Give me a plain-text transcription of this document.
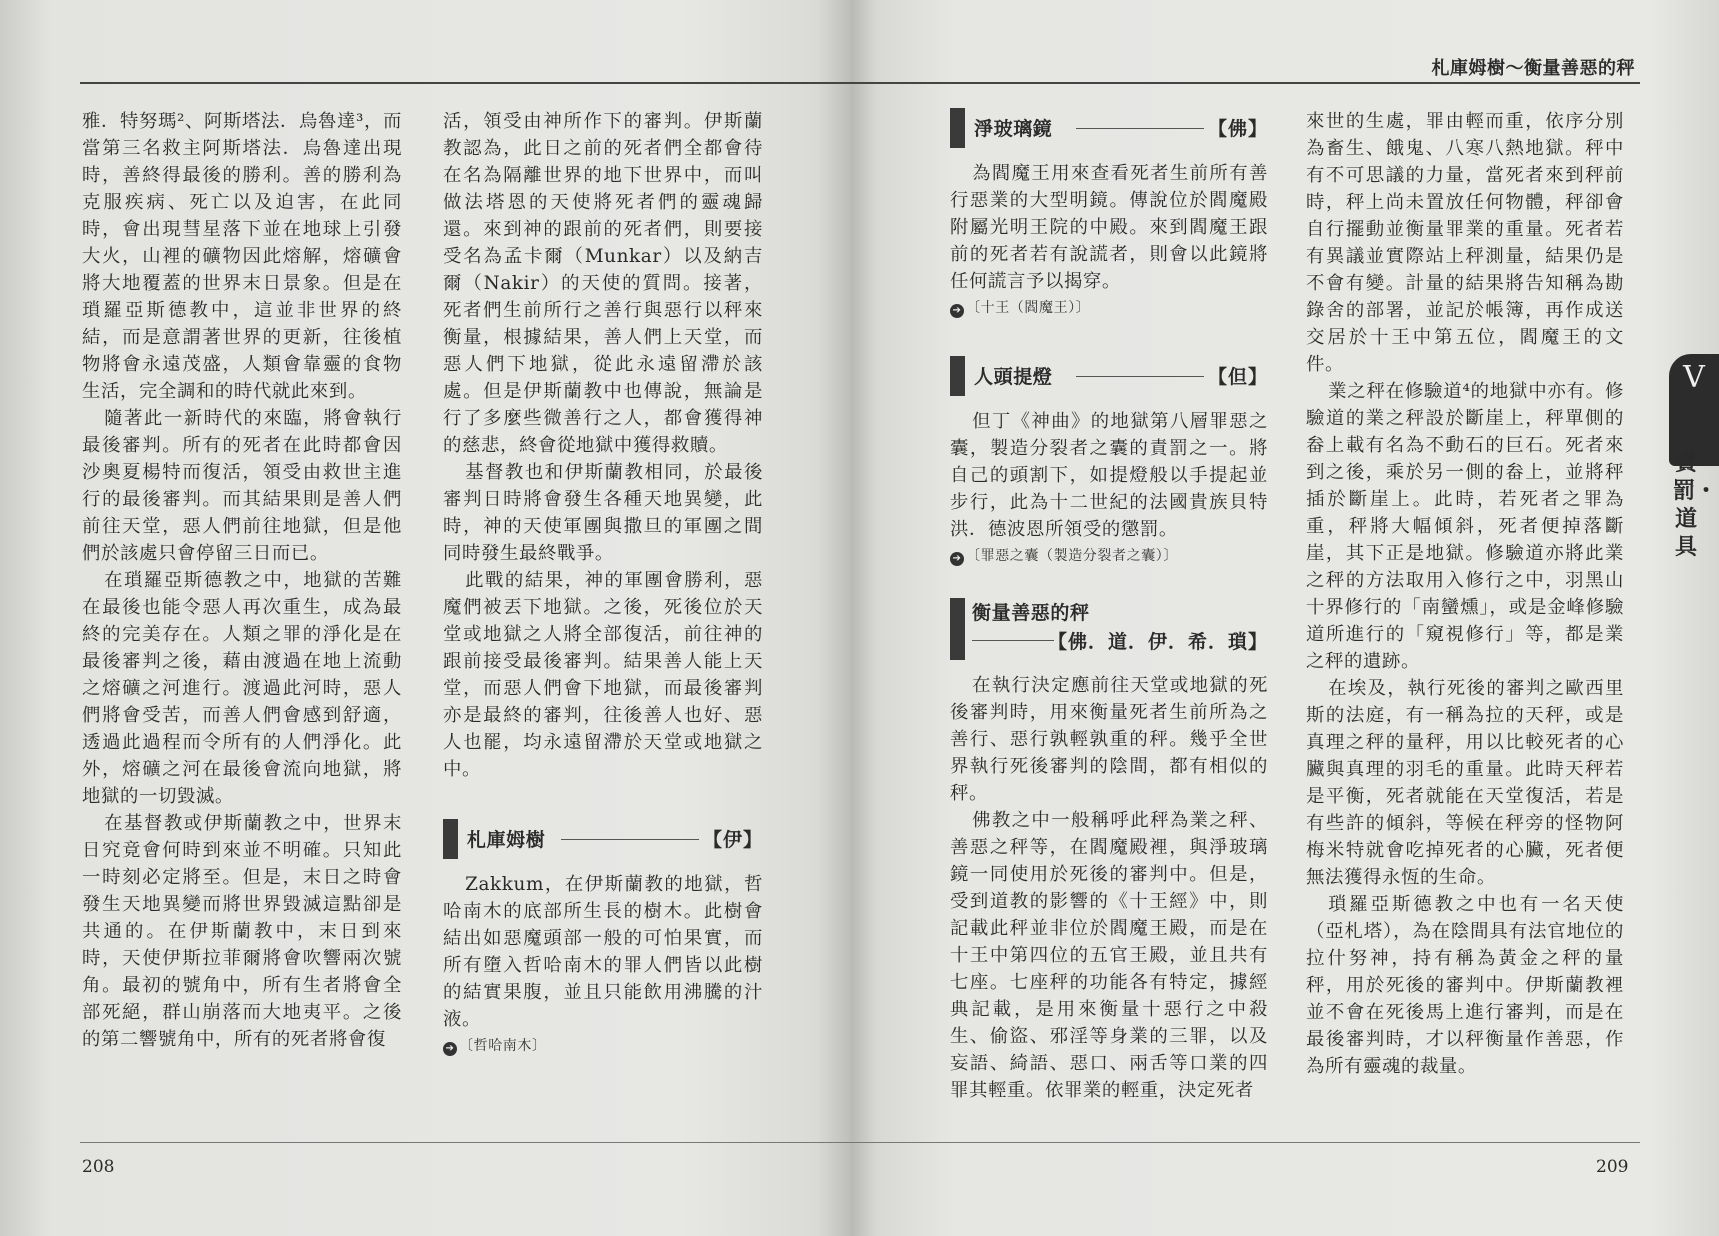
雅．特努瑪²、阿斯塔法．烏魯達³，而當第三名救主阿斯塔法．烏魯達出現時，善終得最後的勝利。善的勝利為克服疾病、死亡以及迫害，在此同時，會出現彗星落下並在地球上引發大火，山裡的礦物因此熔解，熔礦會將大地覆蓋的世界末日景象。但是在瑣羅亞斯德教中，這並非世界的終結，而是意謂著世界的更新，往後植物將會永遠茂盛，人類會靠靈的食物生活，完全調和的時代就此來到。

隨著此一新時代的來臨，將會執行最後審判。所有的死者在此時都會因沙奧夏楊特而復活，領受由救世主進行的最後審判。而其結果則是善人們前往天堂，惡人們前往地獄，但是他們於該處只會停留三日而已。

在瑣羅亞斯德教之中，地獄的苦難在最後也能令惡人再次重生，成為最終的完美存在。人類之罪的淨化是在最後審判之後，藉由渡過在地上流動之熔礦之河進行。渡過此河時，惡人們將會受苦，而善人們會感到舒適，透過此過程而令所有的人們淨化。此外，熔礦之河在最後會流向地獄，將地獄的一切毀滅。

在基督教或伊斯蘭教之中，世界末日究竟會何時到來並不明確。只知此一時刻必定將至。但是，末日之時會發生天地異變而將世界毀滅這點卻是共通的。在伊斯蘭教中，末日到來時，天使伊斯拉菲爾將會吹響兩次號角。最初的號角中，所有生者將會全部死絕，群山崩落而大地夷平。之後的第二響號角中，所有的死者將會復

活，領受由神所作下的審判。伊斯蘭教認為，此日之前的死者們全都會待在名為隔離世界的地下世界中，而叫做法塔恩的天使將死者們的靈魂歸還。來到神的跟前的死者們，則要接受名為孟卡爾（Munkar）以及納吉爾（Nakir）的天使的質問。接著，死者們生前所行之善行與惡行以秤來衡量，根據結果，善人們上天堂，而惡人們下地獄，從此永遠留滯於該處。但是伊斯蘭教中也傳說，無論是行了多麼些微善行之人，都會獲得神的慈悲，終會從地獄中獲得救贖。

基督教也和伊斯蘭教相同，於最後審判日時將會發生各種天地異變，此時，神的天使軍團與撒旦的軍團之間同時發生最終戰爭。

此戰的結果，神的軍團會勝利，惡魔們被丟下地獄。之後，死後位於天堂或地獄之人將全部復活，前往神的跟前接受最後審判。結果善人能上天堂，而惡人們會下地獄，而最後審判亦是最終的審判，往後善人也好、惡人也罷，均永遠留滯於天堂或地獄之中。

札庫姆樹	【伊】

Zakkum，在伊斯蘭教的地獄，哲哈南木的底部所生長的樹木。此樹會結出如惡魔頭部一般的可怕果實，而所有墮入哲哈南木的罪人們皆以此樹的結實果腹，並且只能飲用沸騰的汁液。

➔ 〔哲哈南木〕

208
札庫姆樹～衡量善惡的秤
淨玻璃鏡	【佛】

為閻魔王用來查看死者生前所有善行惡業的大型明鏡。傳說位於閻魔殿附屬光明王院的中殿。來到閻魔王跟前的死者若有說謊者，則會以此鏡將任何謊言予以揭穿。

➔ 〔十王（閻魔王）〕

人頭提燈	【但】

但丁《神曲》的地獄第八層罪惡之囊，製造分裂者之囊的責罰之一。將自己的頭割下，如提燈般以手提起並步行，此為十二世紀的法國貴族貝特洪．德波恩所領受的懲罰。

➔ 〔罪惡之囊（製造分裂者之囊）〕

衡量善惡的秤
【佛．道．伊．希．瑣】

在執行決定應前往天堂或地獄的死後審判時，用來衡量死者生前所為之善行、惡行孰輕孰重的秤。幾乎全世界執行死後審判的陰間，都有相似的秤。

佛教之中一般稱呼此秤為業之秤、善惡之秤等，在閻魔殿裡，與淨玻璃鏡一同使用於死後的審判中。但是，受到道教的影響的《十王經》中，則記載此秤並非位於閻魔王殿，而是在十王中第四位的五官王殿，並且共有七座。七座秤的功能各有特定，據經典記載，是用來衡量十惡行之中殺生、偷盜、邪淫等身業的三罪，以及妄語、綺語、惡口、兩舌等口業的四罪其輕重。依罪業的輕重，決定死者

來世的生處，罪由輕而重，依序分別為畜生、餓鬼、八寒八熱地獄。秤中有不可思議的力量，當死者來到秤前時，秤上尚未置放任何物體，秤卻會自行擺動並衡量罪業的重量。死者若有異議並實際站上秤測量，結果仍是不會有變。計量的結果將告知稱為勘錄舍的部署，並記於帳簿，再作成送交居於十王中第五位，閻魔王的文件。

業之秤在修驗道⁴的地獄中亦有。修驗道的業之秤設於斷崖上，秤單側的畚上載有名為不動石的巨石。死者來到之後，乘於另一側的畚上，並將秤插於斷崖上。此時，若死者之罪為重，秤將大幅傾斜，死者便掉落斷崖，其下正是地獄。修驗道亦將此業之秤的方法取用入修行之中，羽黑山十界修行的「南蠻燻」，或是金峰修驗道所進行的「窺視修行」等，都是業之秤的遺跡。

在埃及，執行死後的審判之歐西里斯的法庭，有一稱為拉的天秤，或是真理之秤的量秤，用以比較死者的心臟與真理的羽毛的重量。此時天秤若是平衡，死者就能在天堂復活，若是有些許的傾斜，等候在秤旁的怪物阿梅米特就會吃掉死者的心臟，死者便無法獲得永恆的生命。

瑣羅亞斯德教之中也有一名天使（亞札塔），為在陰間具有法官地位的拉什努神，持有稱為黃金之秤的量秤，用於死後的審判中。伊斯蘭教裡並不會在死後馬上進行審判，而是在最後審判時，才以秤衡量作善惡，作為所有靈魂的裁量。

209
V
責罰・道具
